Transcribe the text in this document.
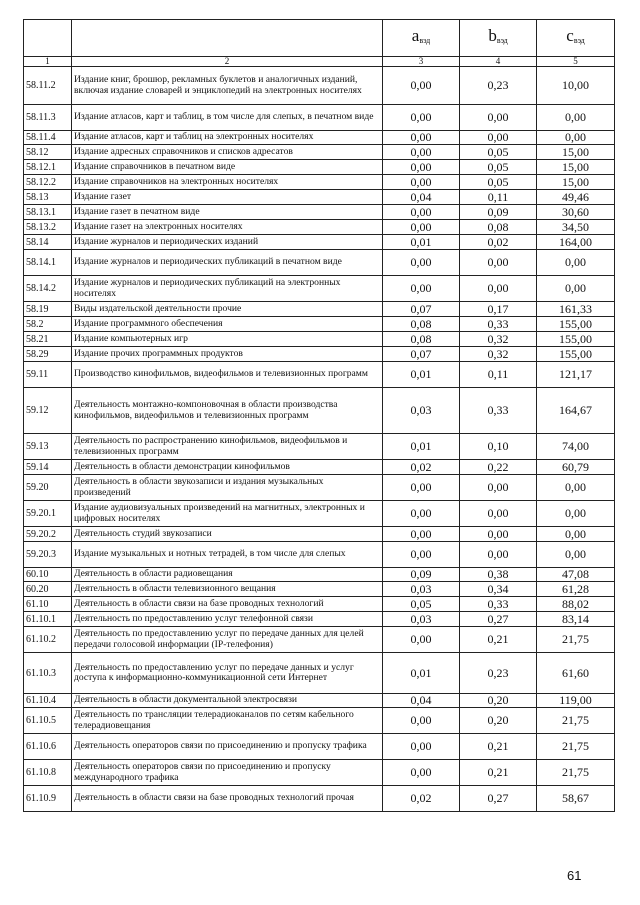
		$a_{вэд}$	$b_{вэд}$	$c_{вэд}$
1	2	3	4	5
58.11.2	Издание книг, брошюр, рекламных буклетов и аналогичных изданий, включая издание словарей и энциклопедий на электронных носителях	0,00	0,23	10,00
58.11.3	Издание атласов, карт и таблиц, в том числе для слепых, в печатном виде	0,00	0,00	0,00
58.11.4	Издание атласов, карт и таблиц на электронных носителях	0,00	0,00	0,00
58.12	Издание адресных справочников и списков адресатов	0,00	0,05	15,00
58.12.1	Издание справочников в печатном виде	0,00	0,05	15,00
58.12.2	Издание справочников на электронных носителях	0,00	0,05	15,00
58.13	Издание газет	0,04	0,11	49,46
58.13.1	Издание газет в печатном виде	0,00	0,09	30,60
58.13.2	Издание газет на электронных носителях	0,00	0,08	34,50
58.14	Издание журналов и периодических изданий	0,01	0,02	164,00
58.14.1	Издание журналов и периодических публикаций в печатном виде	0,00	0,00	0,00
58.14.2	Издание журналов и периодических публикаций на электронных носителях	0,00	0,00	0,00
58.19	Виды издательской деятельности прочие	0,07	0,17	161,33
58.2	Издание программного обеспечения	0,08	0,33	155,00
58.21	Издание компьютерных игр	0,08	0,32	155,00
58.29	Издание прочих программных продуктов	0,07	0,32	155,00
59.11	Производство кинофильмов, видеофильмов и телевизионных программ	0,01	0,11	121,17
59.12	Деятельность монтажно-компоновочная в области производства кинофильмов, видеофильмов и телевизионных программ	0,03	0,33	164,67
59.13	Деятельность по распространению кинофильмов, видеофильмов и телевизионных программ	0,01	0,10	74,00
59.14	Деятельность в области демонстрации кинофильмов	0,02	0,22	60,79
59.20	Деятельность в области звукозаписи и издания музыкальных произведений	0,00	0,00	0,00
59.20.1	Издание аудиовизуальных произведений на магнитных, электронных и цифровых носителях	0,00	0,00	0,00
59.20.2	Деятельность студий звукозаписи	0,00	0,00	0,00
59.20.3	Издание музыкальных и нотных тетрадей, в том числе для слепых	0,00	0,00	0,00
60.10	Деятельность в области радиовещания	0,09	0,38	47,08
60.20	Деятельность в области телевизионного вещания	0,03	0,34	61,28
61.10	Деятельность в области связи на базе проводных технологий	0,05	0,33	88,02
61.10.1	Деятельность по предоставлению услуг телефонной связи	0,03	0,27	83,14
61.10.2	Деятельность по предоставлению услуг по передаче данных для целей передачи голосовой информации (IP-телефония)	0,00	0,21	21,75
61.10.3	Деятельность по предоставлению услуг по передаче данных и услуг доступа к информационно-коммуникационной сети Интернет	0,01	0,23	61,60
61.10.4	Деятельность в области документальной электросвязи	0,04	0,20	119,00
61.10.5	Деятельность по трансляции телерадиоканалов по сетям кабельного телерадиовещания	0,00	0,20	21,75
61.10.6	Деятельность операторов связи по присоединению и пропуску трафика	0,00	0,21	21,75
61.10.8	Деятельность операторов связи по присоединению и пропуску международного трафика	0,00	0,21	21,75
61.10.9	Деятельность в области связи на базе проводных технологий прочая	0,02	0,27	58,67
61
